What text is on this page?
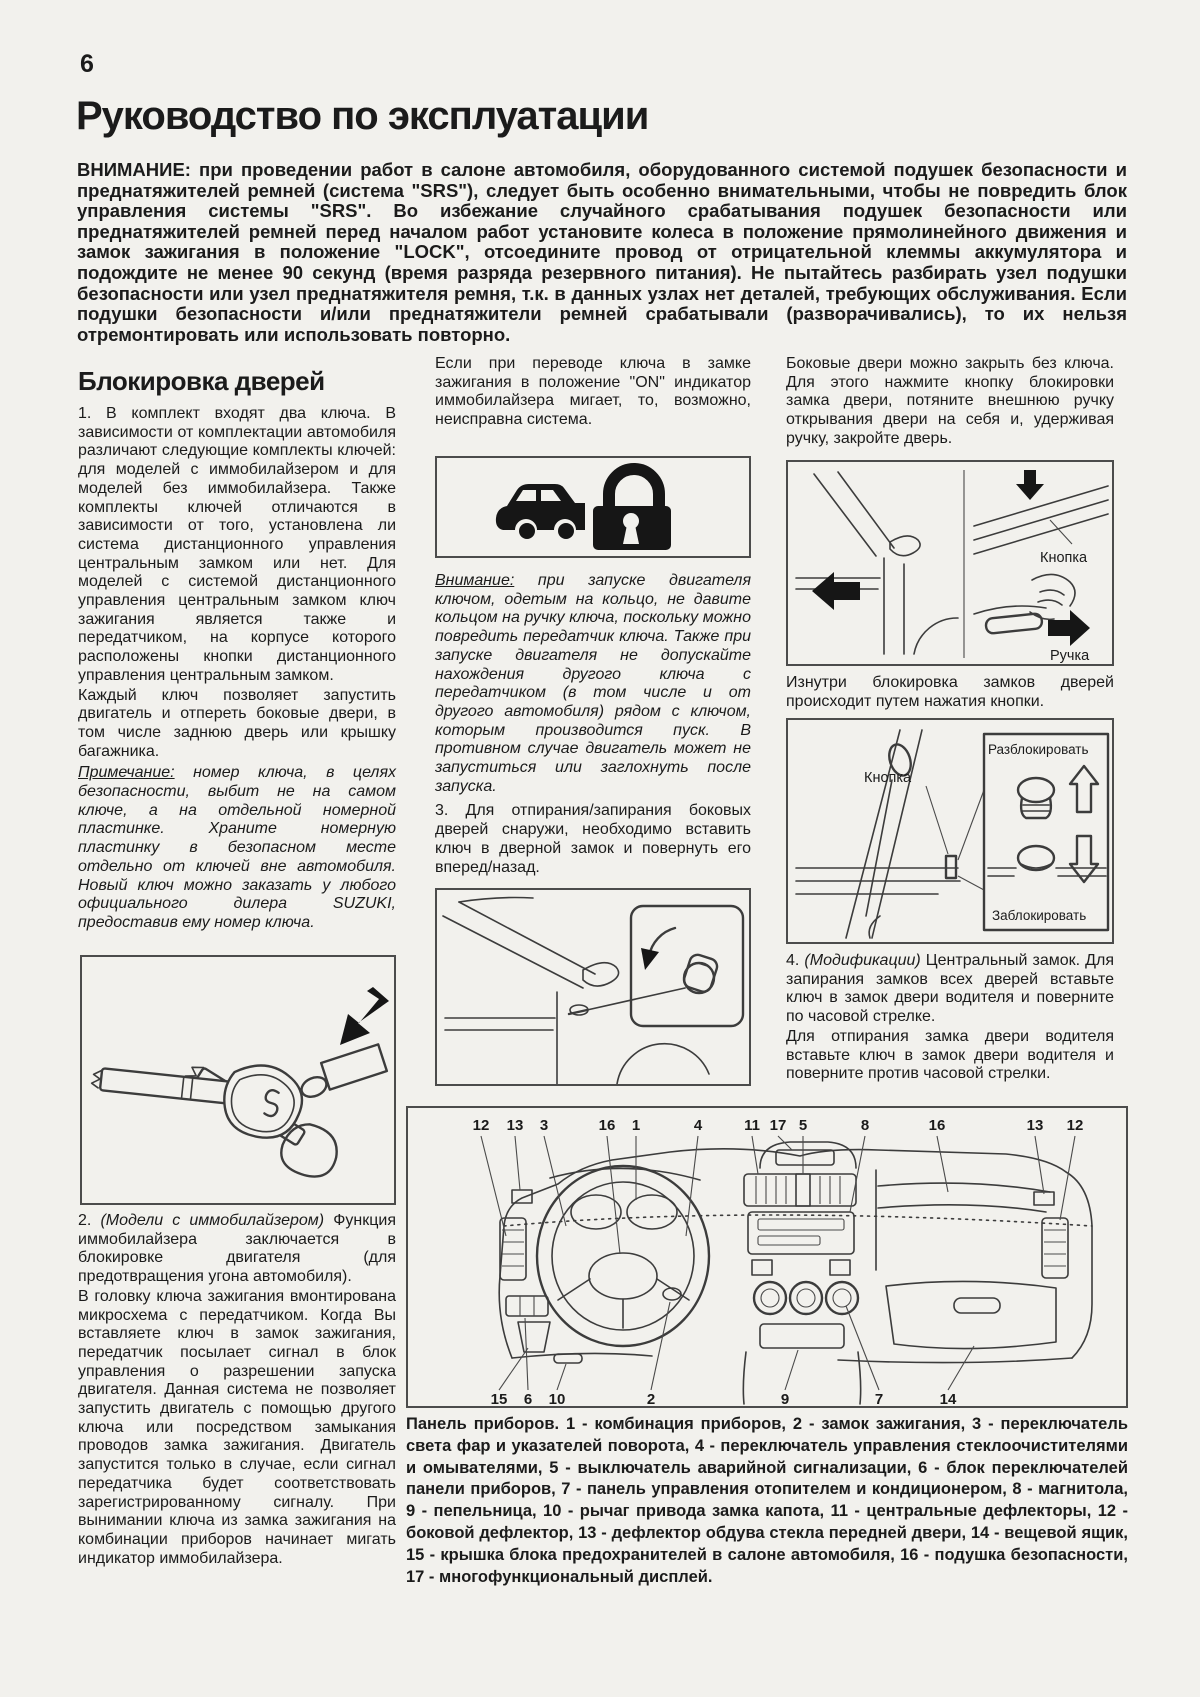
6
Руководство по эксплуатации

ВНИМАНИЕ: при проведении работ в салоне автомобиля, оборудованного системой подушек безопасности и преднатяжителей ремней (система "SRS"), следует быть особенно внимательными, чтобы не повредить блок управления системы "SRS". Во избежание случайного срабатывания подушек безопасности или преднатяжителей ремней перед началом работ установите колеса в положение прямолинейного движения и замок зажигания в положение "LOCK", отсоедините провод от отрицательной клеммы аккумулятора и подождите не менее 90 секунд (время разряда резервного питания). Не пытайтесь разбирать узел подушки безопасности или узел преднатяжителя ремня, т.к. в данных узлах нет деталей, требующих обслуживания. Если подушки безопасности и/или преднатяжители ремней срабатывали (разворачивались), то их нельзя отремонтировать или использовать повторно.

Блокировка дверей

1. В комплект входят два ключа. В зависимости от комплектации автомобиля различают следующие комплекты ключей: для моделей с иммобилайзером и для моделей без иммобилайзера. Также комплекты ключей отличаются в зависимости от того, установлена ли система дистанционного управления центральным замком или нет. Для моделей с системой дистанционного управления центральным замком ключ зажигания является также и передатчиком, на корпусе которого расположены кнопки дистанционного управления центральным замком.

Каждый ключ позволяет запустить двигатель и отпереть боковые двери, в том числе заднюю дверь или крышку багажника.

Примечание: номер ключа, в целях безопасности, выбит не на самом ключе, а на отдельной номерной пластинке. Храните номерную пластинку в безопасном месте отдельно от ключей вне автомобиля. Новый ключ можно заказать у любого официального дилера SUZUKI, предоставив ему номер ключа.

2. (Модели с иммобилайзером) Функция иммобилайзера заключается в блокировке двигателя (для предотвращения угона автомобиля).

В головку ключа зажигания вмонтирована микросхема с передатчиком. Когда Вы вставляете ключ в замок зажигания, передатчик посылает сигнал в блок управления о разрешении запуска двигателя. Данная система не позволяет запустить двигатель с помощью другого ключа или посредством замыкания проводов замка зажигания. Двигатель запустится только в случае, если сигнал передатчика будет соответствовать зарегистрированному сигналу. При вынимании ключа из замка зажигания на комбинации приборов начинает мигать индикатор иммобилайзера.

Если при переводе ключа в замке зажигания в положение "ON" индикатор иммобилайзера мигает, то, возможно, неисправна система.

Внимание: при запуске двигателя ключом, одетым на кольцо, не давите кольцом на ручку ключа, поскольку можно повредить передатчик ключа. Также при запуске двигателя не допускайте нахождения другого ключа с передатчиком (в том числе и от другого автомобиля) рядом с ключом, которым производится пуск. В противном случае двигатель может не запуститься или заглохнуть после запуска.

3. Для отпирания/запирания боковых дверей снаружи, необходимо вставить ключ в дверной замок и повернуть его вперед/назад.

Боковые двери можно закрыть без ключа. Для этого нажмите кнопку блокировки замка двери, потяните внешнюю ручку открывания двери на себя и, удерживая ручку, закройте дверь.

Кнопка
Ручка

Изнутри блокировка замков дверей происходит путем нажатия кнопки.

Кнопка
Разблокировать
Заблокировать

4. (Модификации) Центральный замок. Для запирания замков всех дверей вставьте ключ в замок двери водителя и поверните по часовой стрелке.

Для отпирания замка двери водителя вставьте ключ в замок двери водителя и поверните против часовой стрелки.

12 13 3	16 1	4	11 17 5	8	16	13 12
15 6 10	2	9	7	14

Панель приборов. 1 - комбинация приборов, 2 - замок зажигания, 3 - переключатель света фар и указателей поворота, 4 - переключатель управления стеклоочистителями и омывателями, 5 - выключатель аварийной сигнализации, 6 - блок переключателей панели приборов, 7 - панель управления отопителем и кондиционером, 8 - магнитола, 9 - пепельница, 10 - рычаг привода замка капота, 11 - центральные дефлекторы, 12 - боковой дефлектор, 13 - дефлектор обдува стекла передней двери, 14 - вещевой ящик, 15 - крышка блока предохранителей в салоне автомобиля, 16 - подушка безопасности, 17 - многофункциональный дисплей.
